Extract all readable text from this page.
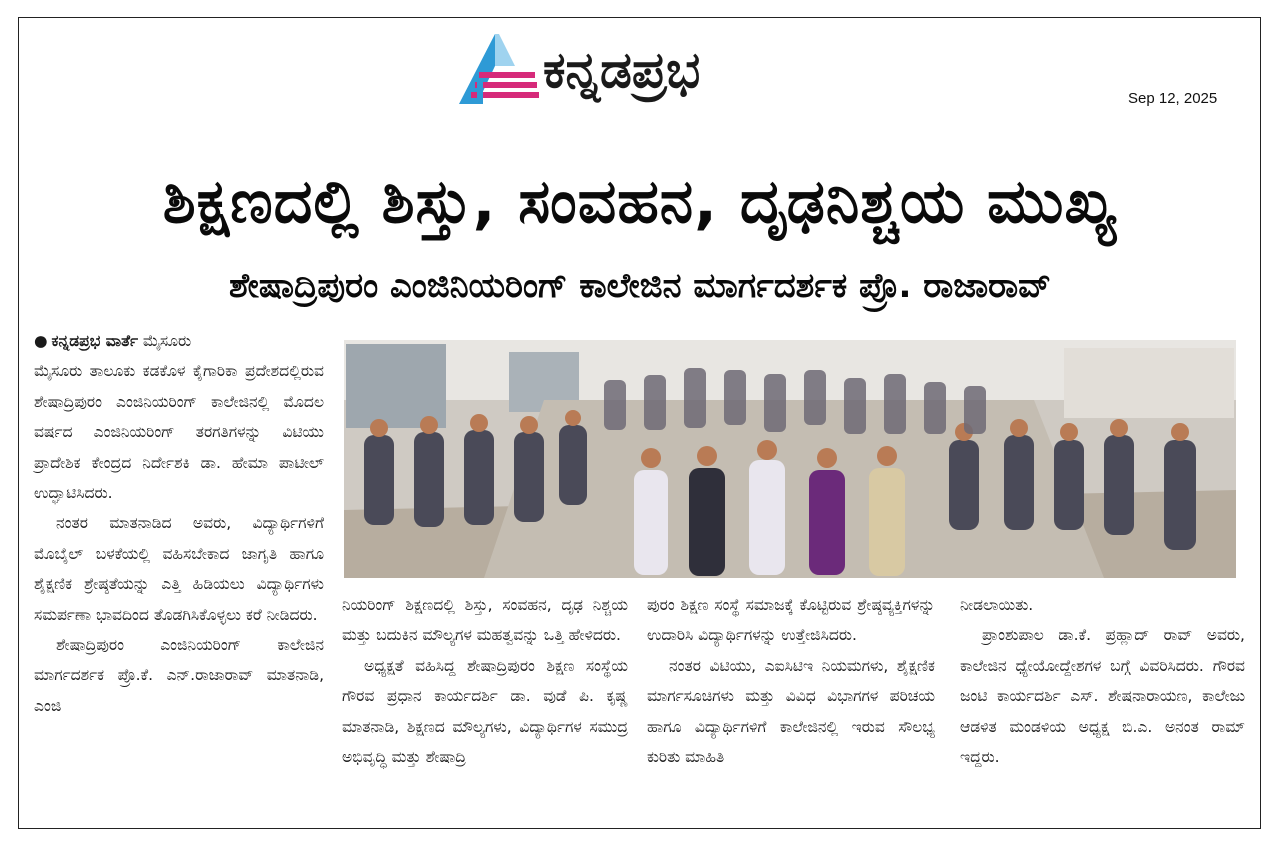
ಕನ್ನಡಪ್ರಭ	Sep 12, 2025
ಶಿಕ್ಷಣದಲ್ಲಿ ಶಿಸ್ತು, ಸಂವಹನ, ದೃಢನಿಶ್ಚಯ ಮುಖ್ಯ
ಶೇಷಾದ್ರಿಪುರಂ ಎಂಜಿನಿಯರಿಂಗ್ ಕಾಲೇಜಿನ ಮಾರ್ಗದರ್ಶಕ ಪ್ರೊ. ರಾಜಾರಾವ್

● ಕನ್ನಡಪ್ರಭ ವಾರ್ತೆ ಮೈಸೂರು

ಮೈಸೂರು ತಾಲೂಕು ಕಡಕೊಳ ಕೈಗಾರಿಕಾ ಪ್ರದೇಶದಲ್ಲಿರುವ ಶೇಷಾದ್ರಿಪುರಂ ಎಂಜಿನಿಯರಿಂಗ್ ಕಾಲೇಜಿನಲ್ಲಿ ಮೊದಲ ವರ್ಷದ ಎಂಜಿನಿಯರಿಂಗ್ ತರಗತಿಗಳನ್ನು ವಿಟಿಯು ಪ್ರಾದೇಶಿಕ ಕೇಂದ್ರದ ನಿರ್ದೇಶಕಿ ಡಾ. ಹೇಮಾ ಪಾಟೀಲ್ ಉದ್ಘಾಟಿಸಿದರು.

ನಂತರ ಮಾತನಾಡಿದ ಅವರು, ವಿದ್ಯಾರ್ಥಿಗಳಿಗೆ ಮೊಬೈಲ್ ಬಳಕೆಯಲ್ಲಿ ವಹಿಸಬೇಕಾದ ಜಾಗೃತಿ ಹಾಗೂ ಶೈಕ್ಷಣಿಕ ಶ್ರೇಷ್ಠತೆಯನ್ನು ಎತ್ತಿ ಹಿಡಿಯಲು ವಿದ್ಯಾರ್ಥಿಗಳು ಸಮರ್ಪಣಾ ಭಾವದಿಂದ ತೊಡಗಿಸಿಕೊಳ್ಳಲು ಕರೆ ನೀಡಿದರು.

ಶೇಷಾದ್ರಿಪುರಂ ಎಂಜಿನಿಯರಿಂಗ್ ಕಾಲೇಜಿನ ಮಾರ್ಗದರ್ಶಕ ಪ್ರೊ.ಕೆ. ಎನ್.ರಾಜಾರಾವ್ ಮಾತನಾಡಿ, ಎಂಜಿ

ನಿಯರಿಂಗ್ ಶಿಕ್ಷಣದಲ್ಲಿ ಶಿಸ್ತು, ಸಂವಹನ, ದೃಢ ನಿಶ್ಚಯ ಮತ್ತು ಬದುಕಿನ ಮೌಲ್ಯಗಳ ಮಹತ್ವವನ್ನು ಒತ್ತಿ ಹೇಳಿದರು.

ಅಧ್ಯಕ್ಷತೆ ವಹಿಸಿದ್ದ ಶೇಷಾದ್ರಿಪುರಂ ಶಿಕ್ಷಣ ಸಂಸ್ಥೆಯ ಗೌರವ ಪ್ರಧಾನ ಕಾರ್ಯದರ್ಶಿ ಡಾ. ವುಡೆ ಪಿ. ಕೃಷ್ಣ ಮಾತನಾಡಿ, ಶಿಕ್ಷಣದ ಮೌಲ್ಯಗಳು, ವಿದ್ಯಾರ್ಥಿಗಳ ಸಮುದ್ರ ಅಭಿವೃದ್ಧಿ ಮತ್ತು ಶೇಷಾದ್ರಿ

ಪುರಂ ಶಿಕ್ಷಣ ಸಂಸ್ಥೆ ಸಮಾಜಕ್ಕೆ ಕೊಟ್ಟಿರುವ ಶ್ರೇಷ್ಠವ್ಯಕ್ತಿಗಳನ್ನು ಉದಾರಿಸಿ ವಿದ್ಯಾರ್ಥಿಗಳನ್ನು ಉತ್ತೇಜಿಸಿದರು.

ನಂತರ ವಿಟಿಯು, ಎಐಸಿಟಿಇ ನಿಯಮಗಳು, ಶೈಕ್ಷಣಿಕ ಮಾರ್ಗಸೂಚಿಗಳು ಮತ್ತು ವಿವಿಧ ವಿಭಾಗಗಳ ಪರಿಚಯ ಹಾಗೂ ವಿದ್ಯಾರ್ಥಿಗಳಿಗೆ ಕಾಲೇಜಿನಲ್ಲಿ ಇರುವ ಸೌಲಭ್ಯ ಕುರಿತು ಮಾಹಿತಿ

ನೀಡಲಾಯಿತು.

ಪ್ರಾಂಶುಪಾಲ ಡಾ.ಕೆ. ಪ್ರಹ್ಲಾದ್ ರಾವ್ ಅವರು, ಕಾಲೇಜಿನ ಧ್ಯೇಯೋದ್ದೇಶಗಳ ಬಗ್ಗೆ ವಿವರಿಸಿದರು. ಗೌರವ ಜಂಟಿ ಕಾರ್ಯದರ್ಶಿ ಎಸ್. ಶೇಷನಾರಾಯಣ, ಕಾಲೇಜು ಆಡಳಿತ ಮಂಡಳಿಯ ಅಧ್ಯಕ್ಷ ಬಿ.ಎ. ಅನಂತ ರಾಮ್ ಇದ್ದರು.
